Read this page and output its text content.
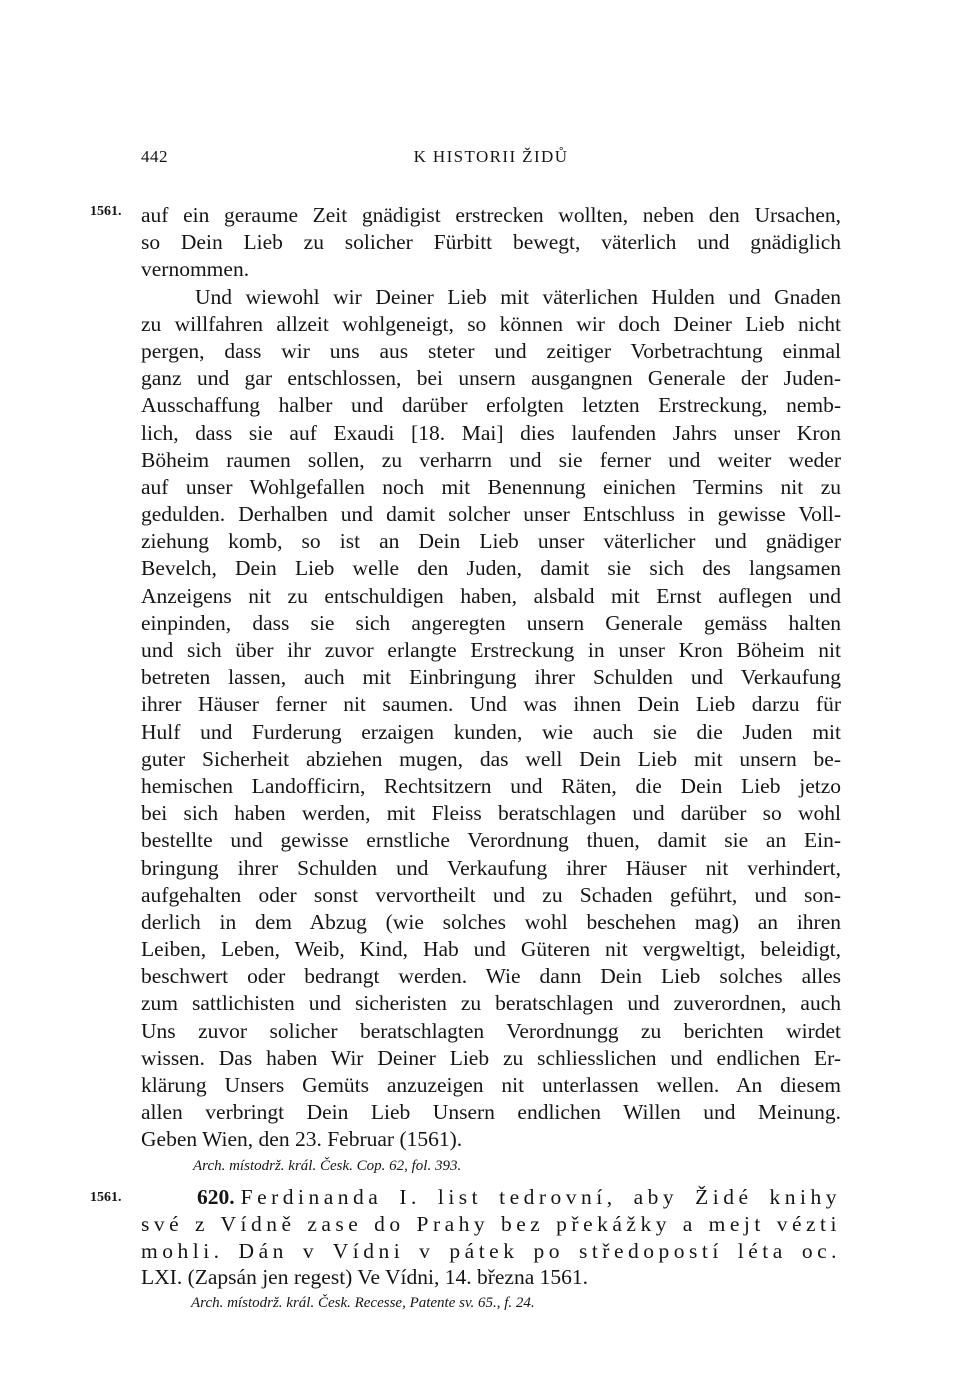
442	K HISTORII ŽIDŮ
1561. auf ein geraume Zeit gnädigist erstrecken wollten, neben den Ursachen,
so Dein Lieb zu solicher Fürbitt bewegt, väterlich und gnädiglich
vernommen.
Und wiewohl wir Deiner Lieb mit väterlichen Hulden und Gnaden
zu willfahren allzeit wohlgeneigt, so können wir doch Deiner Lieb nicht
pergen, dass wir uns aus steter und zeitiger Vorbetrachtung einmal
ganz und gar entschlossen, bei unsern ausgangnen Generale der Juden-
Ausschaffung halber und darüber erfolgten letzten Erstreckung, nemb-
lich, dass sie auf Exaudi [18. Mai] dies laufenden Jahrs unser Kron
Böheim raumen sollen, zu verharrn und sie ferner und weiter weder
auf unser Wohlgefallen noch mit Benennung einichen Termins nit zu
gedulden. Derhalben und damit solcher unser Entschluss in gewisse Voll-
ziehung komb, so ist an Dein Lieb unser väterlicher und gnädiger
Bevelch, Dein Lieb welle den Juden, damit sie sich des langsamen
Anzeigens nit zu entschuldigen haben, alsbald mit Ernst auflegen und
einpinden, dass sie sich angeregten unsern Generale gemäss halten
und sich über ihr zuvor erlangte Erstreckung in unser Kron Böheim nit
betreten lassen, auch mit Einbringung ihrer Schulden und Verkaufung
ihrer Häuser ferner nit saumen. Und was ihnen Dein Lieb darzu für
Hulf und Furderung erzaigen kunden, wie auch sie die Juden mit
guter Sicherheit abziehen mugen, das well Dein Lieb mit unsern be-
hemischen Landofficirn, Rechtsitzern und Räten, die Dein Lieb jetzo
bei sich haben werden, mit Fleiss beratschlagen und darüber so wohl
bestellte und gewisse ernstliche Verordnung thuen, damit sie an Ein-
bringung ihrer Schulden und Verkaufung ihrer Häuser nit verhindert,
aufgehalten oder sonst vervortheilt und zu Schaden geführt, und son-
derlich in dem Abzug (wie solches wohl beschehen mag) an ihren
Leiben, Leben, Weib, Kind, Hab und Güteren nit vergweltigt, beleidigt,
beschwert oder bedrangt werden. Wie dann Dein Lieb solches alles
zum sattlichisten und sicheristen zu beratschlagen und zuverordnen, auch
Uns zuvor solicher beratschlagten Verordnungg zu berichten wirdet
wissen. Das haben Wir Deiner Lieb zu schliesslichen und endlichen Er-
klärung Unsers Gemüts anzuzeigen nit unterlassen wellen. An diesem
allen verbringt Dein Lieb Unsern endlichen Willen und Meinung.
Geben Wien, den 23. Februar (1561).
Arch. místodrž. král. Česk. Cop. 62, fol. 393.
1561.	620. Ferdinanda I. list tedrovní, aby Židé knihy
své z Vídně zase do Prahy bez překážky a mejt vézti
mohli. Dán v Vídni v pátek po středopostí léta oc.
LXI. (Zapsán jen regest) Ve Vídni, 14. března 1561.
Arch. místodrž. král. Česk. Recesse, Patente sv. 65., f. 24.
